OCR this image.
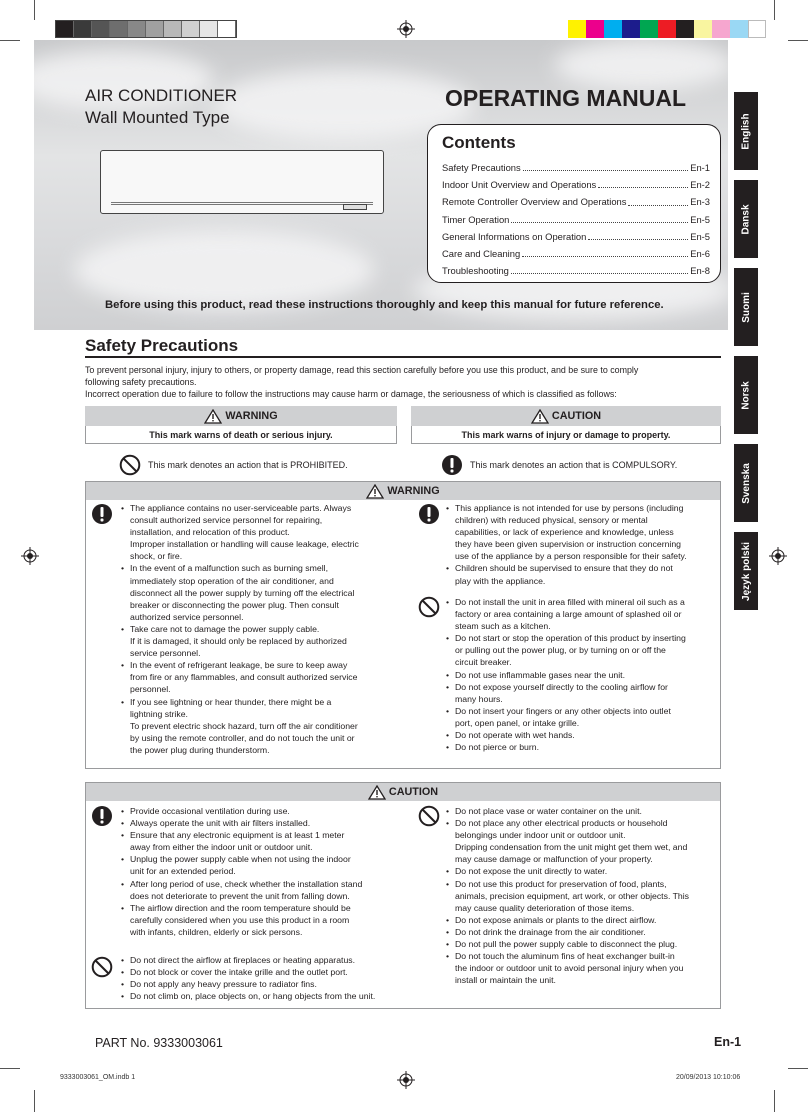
AIR CONDITIONER
Wall Mounted Type
OPERATING MANUAL
Contents
Safety Precautions	En-1
Indoor Unit Overview and Operations	En-2
Remote Controller Overview and Operations	En-3
Timer Operation	En-5
General Informations on Operation	En-5
Care and Cleaning	En-6
Troubleshooting	En-8
Before using this product, read these instructions thoroughly and keep this manual for future reference.
English
Dansk
Suomi
Norsk
Svenska
Język polski
Safety Precautions
To prevent personal injury, injury to others, or property damage, read this section carefully before you use this product, and be sure to comply
following safety precautions.
Incorrect operation due to failure to follow the instructions may cause harm or damage, the seriousness of which is classified as follows:
WARNING
This mark warns of death or serious injury.
CAUTION
This mark warns of injury or damage to property.
This mark denotes an action that is PROHIBITED.	This mark denotes an action that is COMPULSORY.
WARNING
• The appliance contains no user-serviceable parts. Always
consult authorized service personnel for repairing,
installation, and relocation of this product.
Improper installation or handling will cause leakage, electric
shock, or fire.
• In the event of a malfunction such as burning smell,
immediately stop operation of the air conditioner, and
disconnect all the power supply by turning off the electrical
breaker or disconnecting the power plug. Then consult
authorized service personnel.
• Take care not to damage the power supply cable.
If it is damaged, it should only be replaced by authorized
service personnel.
• In the event of refrigerant leakage, be sure to keep away
from fire or any flammables, and consult authorized service
personnel.
• If you see lightning or hear thunder, there might be a
lightning strike.
To prevent electric shock hazard, turn off the air conditioner
by using the remote controller, and do not touch the unit or
the power plug during thunderstorm.
• This appliance is not intended for use by persons (including
children) with reduced physical, sensory or mental
capabilities, or lack of experience and knowledge, unless
they have been given supervision or instruction concerning
use of the appliance by a person responsible for their safety.
• Children should be supervised to ensure that they do not
play with the appliance.
• Do not install the unit in area filled with mineral oil such as a
factory or area containing a large amount of splashed oil or
steam such as a kitchen.
• Do not start or stop the operation of this product by inserting
or pulling out the power plug, or by turning on or off the
circuit breaker.
• Do not use inflammable gases near the unit.
• Do not expose yourself directly to the cooling airflow for
many hours.
• Do not insert your fingers or any other objects into outlet
port, open panel, or intake grille.
• Do not operate with wet hands.
• Do not pierce or burn.
CAUTION
• Provide occasional ventilation during use.
• Always operate the unit with air filters installed.
• Ensure that any electronic equipment is at least 1 meter
away from either the indoor unit or outdoor unit.
• Unplug the power supply cable when not using the indoor
unit for an extended period.
• After long period of use, check whether the installation stand
does not deteriorate to prevent the unit from falling down.
• The airflow direction and the room temperature should be
carefully considered when you use this product in a room
with infants, children, elderly or sick persons.
• Do not direct the airflow at fireplaces or heating apparatus.
• Do not block or cover the intake grille and the outlet port.
• Do not apply any heavy pressure to radiator fins.
• Do not climb on, place objects on, or hang objects from the unit.
• Do not place vase or water container on the unit.
• Do not place any other electrical products or household
belongings under indoor unit or outdoor unit.
Dripping condensation from the unit might get them wet, and
may cause damage or malfunction of your property.
• Do not expose the unit directly to water.
• Do not use this product for preservation of food, plants,
animals, precision equipment, art work, or other objects. This
may cause quality deterioration of those items.
• Do not expose animals or plants to the direct airflow.
• Do not drink the drainage from the air conditioner.
• Do not pull the power supply cable to disconnect the plug.
• Do not touch the aluminum fins of heat exchanger built-in
the indoor or outdoor unit to avoid personal injury when you
install or maintain the unit.
PART No. 9333003061	En-1
9333003061_OM.indb 1	20/09/2013 10:10:06
